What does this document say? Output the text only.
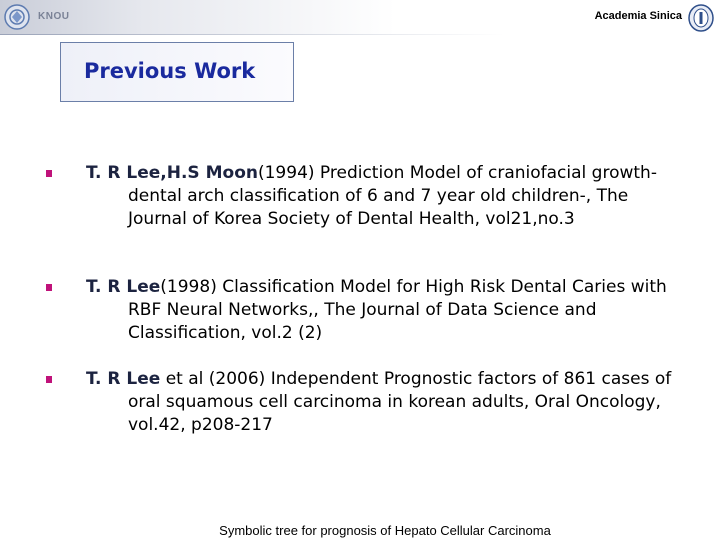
KNOU	Academia Sinica
Previous Work

T. R Lee,H.S Moon(1994) Prediction Model of craniofacial growth-dental arch classification of 6 and 7 year old children-, The Journal of Korea Society of Dental Health, vol21,no.3

T. R Lee(1998) Classification Model for High Risk Dental Caries with RBF Neural Networks,, The Journal of Data Science and Classification, vol.2 (2)

T. R Lee et al (2006) Independent Prognostic factors of 861 cases of oral squamous cell carcinoma in korean adults, Oral Oncology, vol.42, p208-217

Symbolic tree for prognosis of Hepato Cellular Carcinoma
